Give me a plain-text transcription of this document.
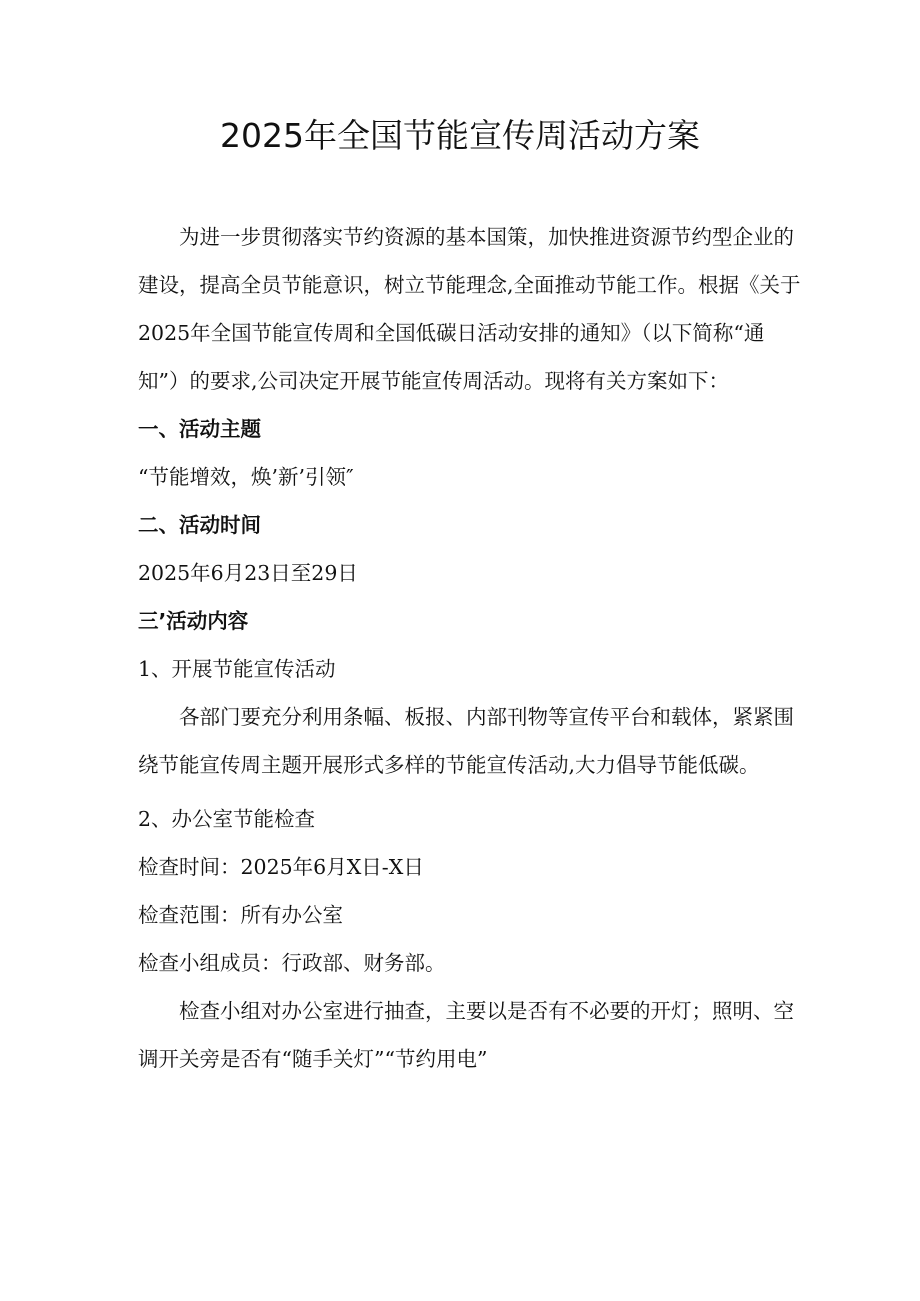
2025年全国节能宣传周活动方案

为进一步贯彻落实节约资源的基本国策，加快推进资源节约型企业的建设，提高全员节能意识，树立节能理念,全面推动节能工作。根据《关于2025年全国节能宣传周和全国低碳日活动安排的通知》（以下简称“通知”）的要求,公司决定开展节能宣传周活动。现将有关方案如下：

一、活动主题

“节能增效，焕’新’引领″

二、活动时间

2025年6月23日至29日

三’活动内容

1、开展节能宣传活动

各部门要充分利用条幅、板报、内部刊物等宣传平台和载体，紧紧围绕节能宣传周主题开展形式多样的节能宣传活动,大力倡导节能低碳。

2、办公室节能检查

检查时间：2025年6月X日-X日

检查范围：所有办公室

检查小组成员：行政部、财务部。

检查小组对办公室进行抽查，主要以是否有不必要的开灯；照明、空调开关旁是否有“随手关灯”“节约用电”
